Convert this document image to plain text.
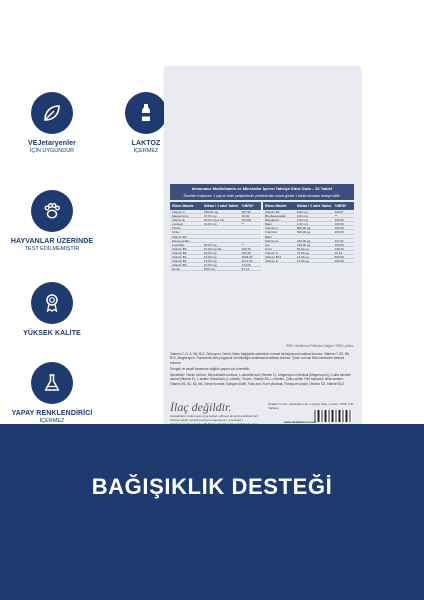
VEJetaryenler
İÇİN UYGUNDUR
HAYVANLAR ÜZERİNDE
TEST EDİLMEMİŞTİR
YÜKSEK KALİTE
YAPAY RENKLENDİRİCİ
İÇERMEZ
LAKTOZ
İÇERMEZ
Immunace Multivitamin ve Mineraller İçeren Takviye Edici Gıda – 30 Tablet
Önerilen Kullanımı: 1 yaş ve üzeri yetişkinlerde yemeklerden sonra günde 1 tablet alınması tavsiye edilir.
Etken Madde	Miktar / 1 adet Tablet %BRD*
Vitamin C	150,00 mg	187,50
Magnezyum	37,50 mg	10,00
Vitamin E	40,00 mg α-TE	333,00
L-sistein	10,00 mg	**
Tirozin
Çinko
Vitamin B3
Karotenoidler
L-karnitin	30,00 mg	**
Vitamin B5	27,00 mg NE	168,75
Vitamin B6	20,00 mg	333,33
Vitamin B1	15,00 mg	1636,00
Vitamin B2	15,00 mg	1071,00
Vitamin B6	10,00 mg	714,00
Demir	8,00 mg	57,14
Etken Madde	Miktar / 1 adet Tablet %BRD*
Vitamin B2	8,00 mg	428,57
Biyoflavanoidler	3,00 mg	**
Manganez	2,00 mg	100,00
Bakır	1,00 mg	100,00
Vitamin A	800,00 µg	100,00
Folik Asit	500,00 µg	250,00
Bakır
Selenyum	180,00 µg	327,27
İyot	150,00 µg	100,00
Krom	50,00 µg	125,00
Vitamin K	70,00 µg	93,33
Vitamin B12	14,00 µg	560,00
Vitamin D	10,00 µg	200,00
*BRD: Beslenme Referans Değeri **BRD yoktur.
Vitamin C, D, A, B6, B12, Selenyum, Demir, Bakır bağışıklık sisteminin normal fonksiyonuna katkıda bulunur. Vitamin C, B2, B6, B12, Magnezyum, Pantotenik Asit yorgunluk ve bitkinliğin azalmasına katkıda bulunur. Çinko normal DNA sentezine katkıda bulunur.
Dengeli ve çeşitli beslenme sağlıklı yaşam için önemlidir.
İçindekiler: Hacim Arttırıcı: Mikrokristalin selüloz, L-askorbik asit (Vitamin C), Magnezyum hidroksit (Magnezyum), D-alfa tokoferil asetat (Vitamin E), L-sistein Hidroklorür (L-sistein), Tirozin, Vitamin B3, L-Karnitin, Çinko sülfat, Film kaplama, Beta karoten, Vitamin B5, B1, B2, B6, Demir fumarat, Mangan sülfat, Folik asit, Krom pikolinat, Potasyum iyodür, Vitamin D3, Vitamin B12.
İlaç değildir.
Hastalıkların önlenmesi veya tedavi edilmesi amacıyla kullanılmaz. Tavsiye edilen günlük porsiyonu aşmayınız. Çocukların
İthalatçı Firma: Vitabiotics Ltd. 1 Apsley Way, London, NW2 7HF, İngiltere
www.vitabiotics.com.tr
BAĞIŞIKLIK DESTEĞİ
